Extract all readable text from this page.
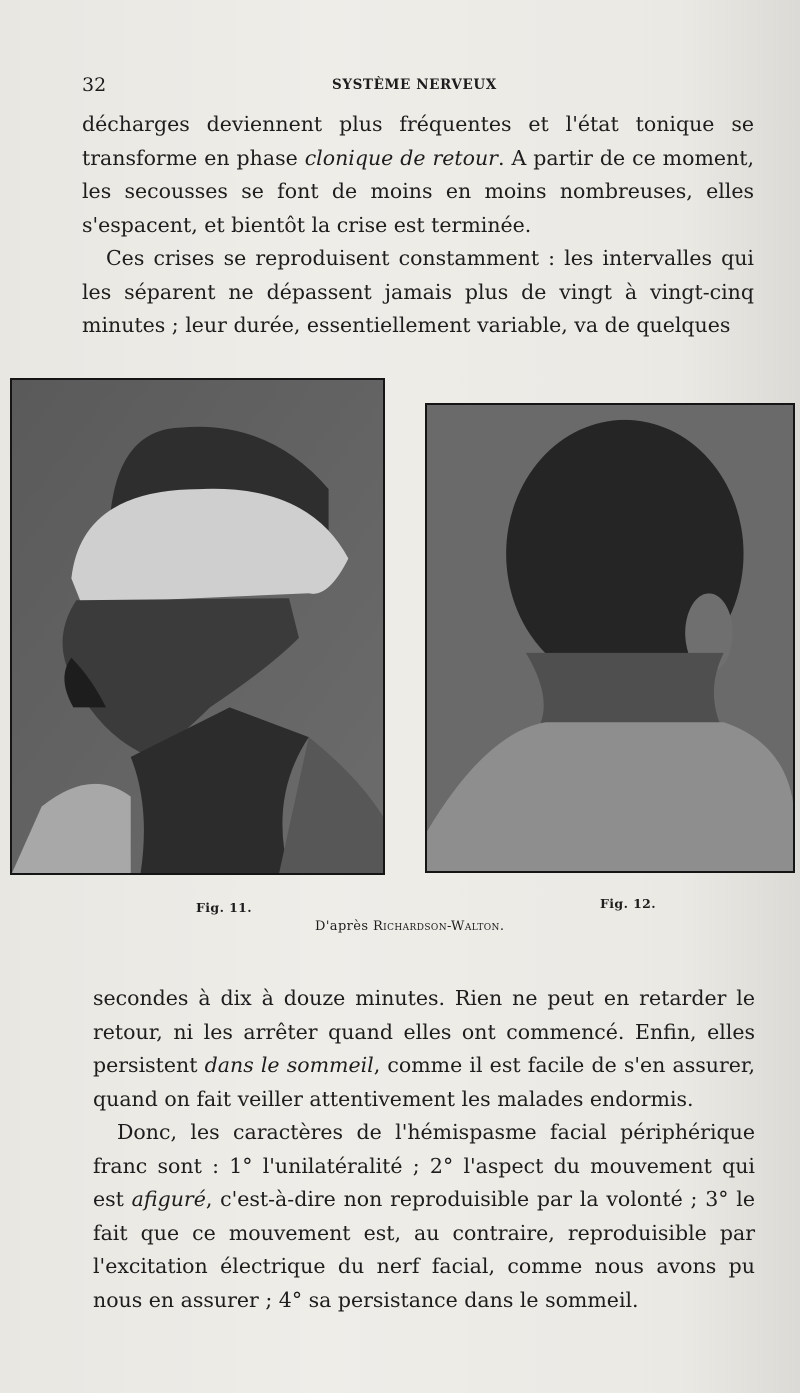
32	SYSTÈME NERVEUX

décharges deviennent plus fréquentes et l'état tonique se transforme en phase clonique de retour. A partir de ce moment, les secousses se font de moins en moins nombreuses, elles s'espacent, et bientôt la crise est terminée.

Ces crises se reproduisent constamment : les intervalles qui les séparent ne dépassent jamais plus de vingt à vingt-cinq minutes ; leur durée, essentiellement variable, va de quelques

Fig. 11.	Fig. 12.
D'après Richardson-Walton.

secondes à dix à douze minutes. Rien ne peut en retarder le retour, ni les arrêter quand elles ont commencé. Enfin, elles persistent dans le sommeil, comme il est facile de s'en assurer, quand on fait veiller attentivement les malades endormis.

Donc, les caractères de l'hémispasme facial périphérique franc sont : 1° l'unilatéralité ; 2° l'aspect du mouvement qui est afiguré, c'est-à-dire non reproduisible par la volonté ; 3° le fait que ce mouvement est, au contraire, reproduisible par l'excitation électrique du nerf facial, comme nous avons pu nous en assurer ; 4° sa persistance dans le sommeil.
